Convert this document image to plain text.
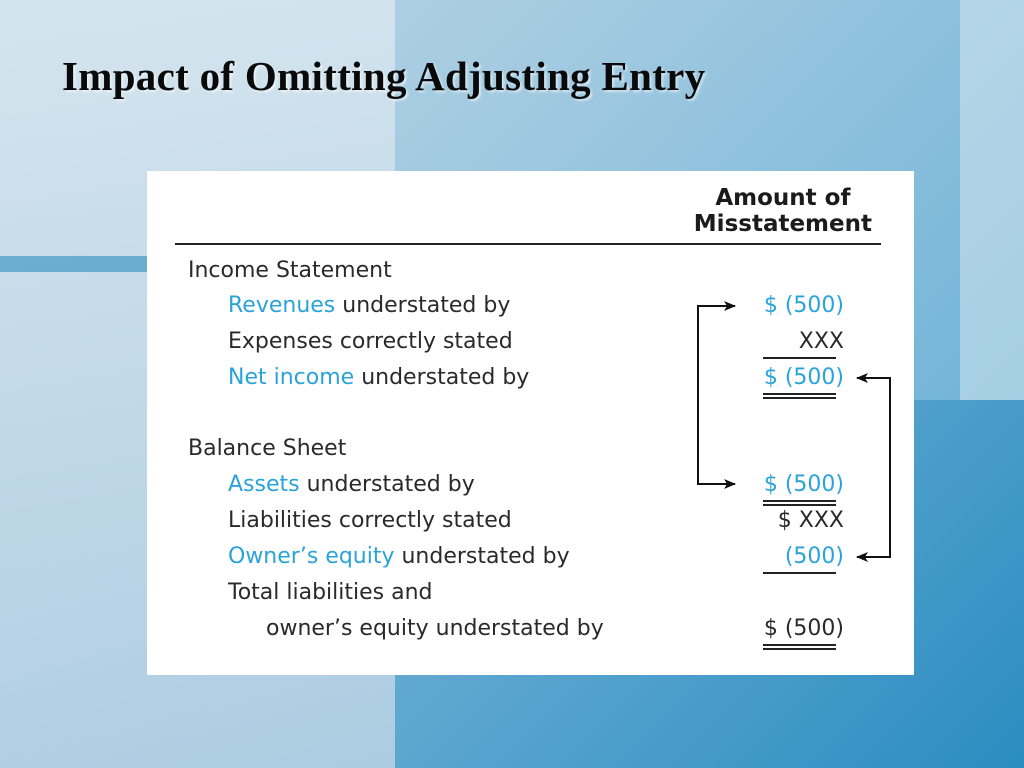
Impact of Omitting Adjusting Entry
Amount of
Misstatement
Income Statement
Revenues understated by	$ (500)
Expenses correctly stated	XXX
Net income understated by	$ (500)
Balance Sheet
Assets understated by	$ (500)
Liabilities correctly stated	$ XXX
Owner’s equity understated by	(500)
Total liabilities and
owner’s equity understated by	$ (500)
